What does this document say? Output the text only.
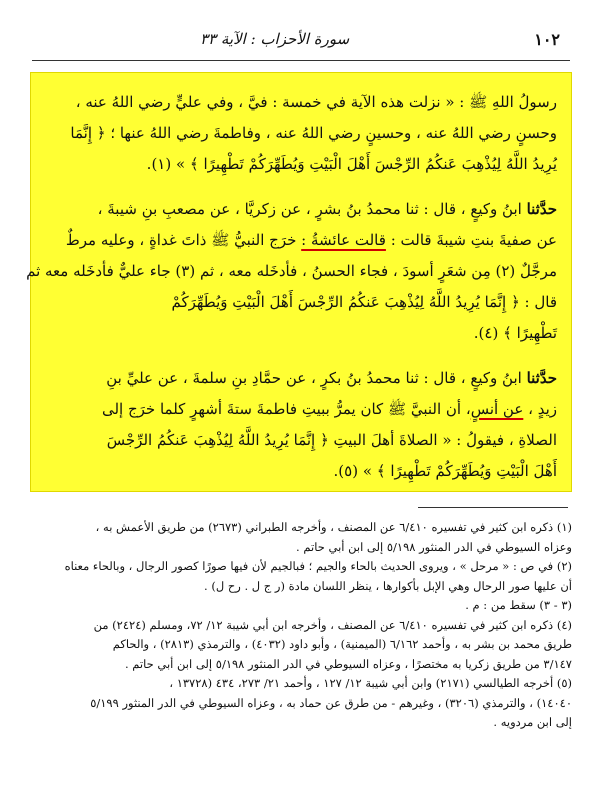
١٠٢
سورة الأحزاب : الآية ٣٣

رسولُ اللهِ ﷺ : « نزلت هذه الآية في خمسة : فيَّ ، وفي عليٍّ رضي اللهُ عنه ،
وحسنٍ رضي اللهُ عنه ، وحسينٍ رضي اللهُ عنه ، وفاطمةَ رضي اللهُ عنها ؛ ﴿ إِنَّمَا
يُرِيدُ اللَّهُ لِيُذْهِبَ عَنكُمُ الرِّجْسَ أَهْلَ الْبَيْتِ وَيُطَهِّرَكُمْ تَطْهِيرًا ﴾ » (١).

حدَّثنا ابنُ وكيعٍ ، قال : ثنا محمدُ بنُ بشرٍ ، عن زكريَّا ، عن مصعبِ بنِ شيبةَ ،
عن صفيةَ بنتِ شيبةَ قالت : قالت عائشةُ : خرَج النبيُّ ﷺ ذاتَ غداةٍ ، وعليه مرطٌ
مرجَّلٌ (٢) مِن شعَرٍ أسودَ ، فجاء الحسنُ ، فأدخَله معه ، ثم (٣) جاء عليٌّ فأدخَله معه ثم
قال : ﴿ إِنَّمَا يُرِيدُ اللَّهُ لِيُذْهِبَ عَنكُمُ الرِّجْسَ أَهْلَ الْبَيْتِ وَيُطَهِّرَكُمْ
تَطْهِيرًا ﴾ (٤).

حدَّثنا ابنُ وكيعٍ ، قال : ثنا محمدُ بنُ بكرٍ ، عن حمَّادِ بنِ سلمةَ ، عن عليِّ بنِ
زيدٍ ، عن أنسٍ، أن النبيَّ ﷺ كان يمرُّ ببيتِ فاطمةَ ستةَ أشهرٍ كلما خرَج إلى
الصلاةِ ، فيقولُ : « الصلاةَ أهلَ البيتِ ﴿ إِنَّمَا يُرِيدُ اللَّهُ لِيُذْهِبَ عَنكُمُ الرِّجْسَ
أَهْلَ الْبَيْتِ وَيُطَهِّرَكُمْ تَطْهِيرًا ﴾ » (٥).

(١) ذكره ابن كثير في تفسيره ٦/٤١٠ عن المصنف ، وأخرجه الطبراني (٢٦٧٣) من طريق الأعمش به ،

وعزاه السيوطي في الدر المنثور ٥/١٩٨ إلى ابن أبي حاتم .

(٢) في ص : « مرحل » ، ويروى الحديث بالحاء والجيم ؛ فبالجيم لأن فيها صورًا كصور الرجال ، وبالحاء معناه

أن عليها صور الرحال وهي الإبل بأكوارها ، ينظر اللسان مادة (ر ج ل . رح ل) .

(٣ - ٣) سقط من : م .

(٤) ذكره ابن كثير في تفسيره ٦/٤١٠ عن المصنف ، وأخرجه ابن أبي شيبة ١٢/ ٧٢، ومسلم (٢٤٢٤) من

طريق محمد بن بشر به ، وأحمد ٦/١٦٢ (الميمنية) ، وأبو داود (٤٠٣٢) ، والترمذي (٢٨١٣) ، والحاكم

٣/١٤٧ من طريق زكريا به مختصرًا ، وعزاه السيوطي في الدر المنثور ٥/١٩٨ إلى ابن أبي حاتم .

(٥) أخرجه الطيالسي (٢١٧١) وابن أبي شيبة ١٢/ ١٢٧ ، وأحمد ٢١/ ٢٧٣، ٤٣٤ (١٣٧٢٨ ،

١٤٠٤٠) ، والترمذي (٣٢٠٦) ، وغيرهم - من طرق عن حماد به ، وعزاه السيوطي في الدر المنثور ٥/١٩٩

إلى ابن مردويه .
